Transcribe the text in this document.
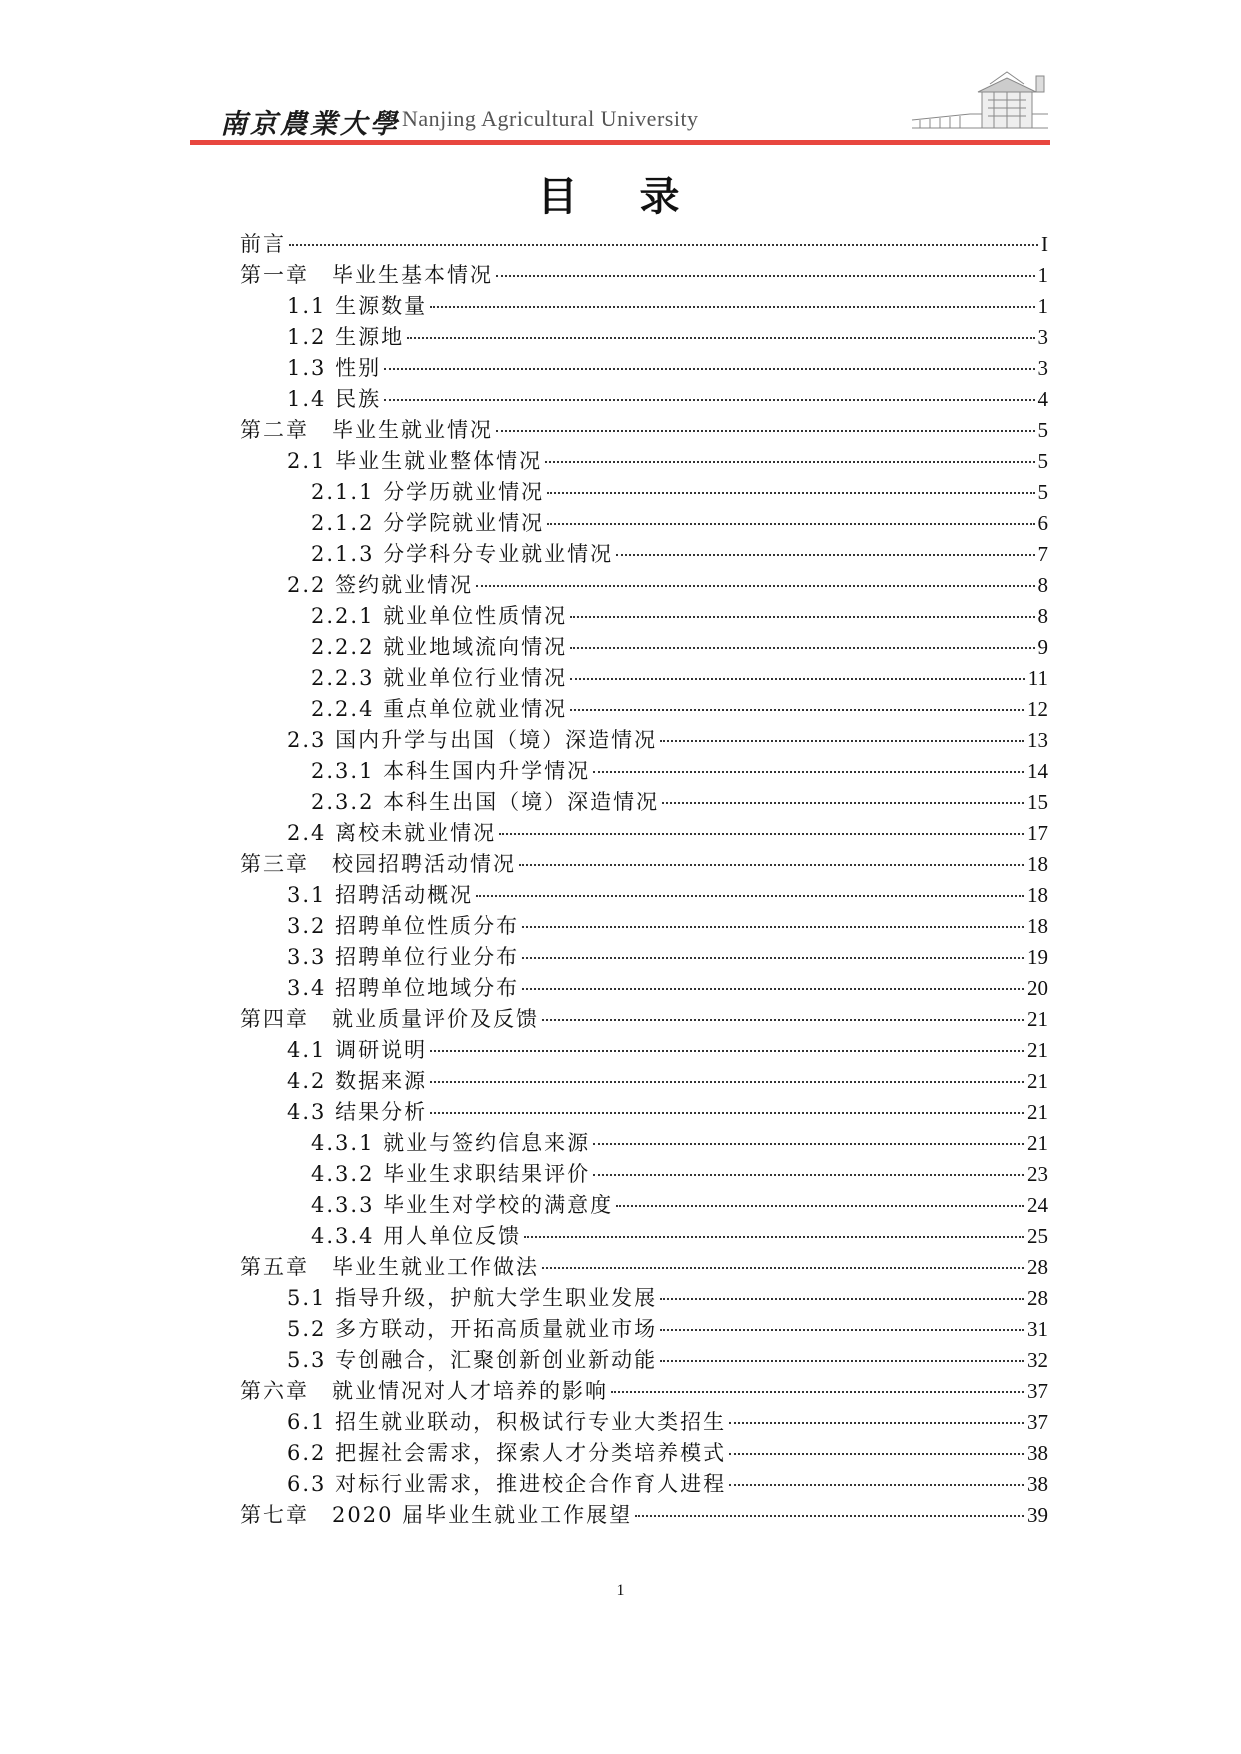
南京農業大學 Nanjing Agricultural University
目 录
前言	I
第一章　毕业生基本情况	1
1.1 生源数量	1
1.2 生源地	3
1.3 性别	3
1.4 民族	4
第二章　毕业生就业情况	5
2.1 毕业生就业整体情况	5
2.1.1 分学历就业情况	5
2.1.2 分学院就业情况	6
2.1.3 分学科分专业就业情况	7
2.2 签约就业情况	8
2.2.1 就业单位性质情况	8
2.2.2 就业地域流向情况	9
2.2.3 就业单位行业情况	11
2.2.4 重点单位就业情况	12
2.3 国内升学与出国（境）深造情况	13
2.3.1 本科生国内升学情况	14
2.3.2 本科生出国（境）深造情况	15
2.4 离校未就业情况	17
第三章　校园招聘活动情况	18
3.1 招聘活动概况	18
3.2 招聘单位性质分布	18
3.3 招聘单位行业分布	19
3.4 招聘单位地域分布	20
第四章　就业质量评价及反馈	21
4.1 调研说明	21
4.2 数据来源	21
4.3 结果分析	21
4.3.1 就业与签约信息来源	21
4.3.2 毕业生求职结果评价	23
4.3.3 毕业生对学校的满意度	24
4.3.4 用人单位反馈	25
第五章　毕业生就业工作做法	28
5.1 指导升级，护航大学生职业发展	28
5.2 多方联动，开拓高质量就业市场	31
5.3 专创融合，汇聚创新创业新动能	32
第六章　就业情况对人才培养的影响	37
6.1 招生就业联动，积极试行专业大类招生	37
6.2 把握社会需求，探索人才分类培养模式	38
6.3 对标行业需求，推进校企合作育人进程	38
第七章　2020 届毕业生就业工作展望	39
1
